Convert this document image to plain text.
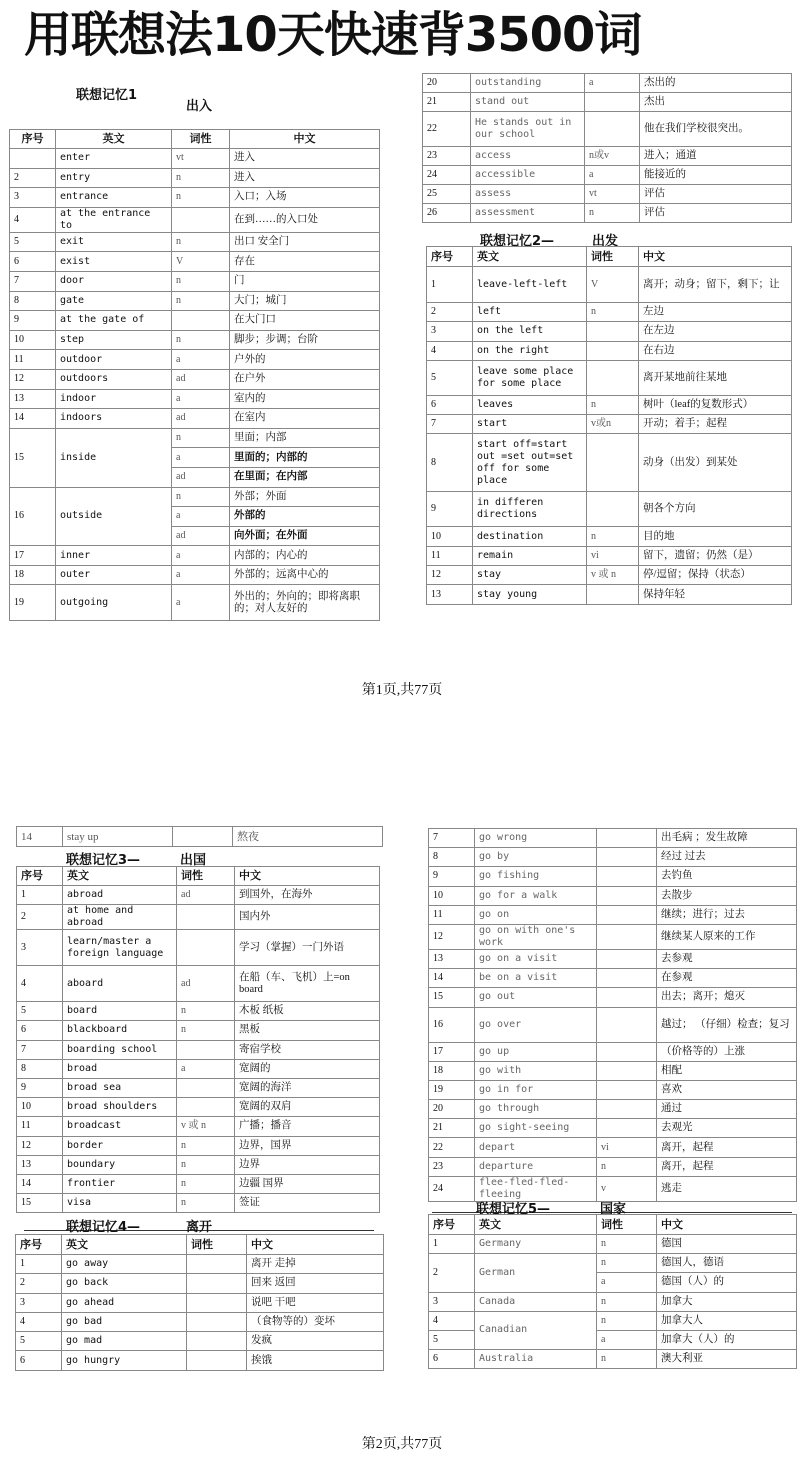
用联想法10天快速背3500词
联想记忆1
出入
序号	英文	词性	中文
	enter	vt	进入
2	entry	n	进入
3	entrance	n	入口；入场
4	at the entrance to		在到……的入口处
5	exit	n	出口 安全门
6	exist	V	存在
7	door	n	门
8	gate	n	大门；城门
9	at the gate of		在大门口
10	step	n	脚步；步调；台阶
11	outdoor	a	户外的
12	outdoors	ad	在户外
13	indoor	a	室内的
14	indoors	ad	在室内
15	inside	n	里面；内部
		a	里面的；内部的
		ad	在里面；在内部
16	outside	n	外部；外面
		a	外部的
		ad	向外面；在外面
17	inner	a	内部的；内心的
18	outer	a	外部的；远离中心的
19	outgoing	a	外出的；外向的；即将离职的；对人友好的
20	outstanding	a	杰出的
21	stand out		杰出
22	He stands out in our school		他在我们学校很突出。
23	access	n或v	进入；通道
24	accessible	a	能接近的
25	assess	vt	评估
26	assessment	n	评估
联想记忆2—	出发
序号	英文	词性	中文
1	leave-left-left	V	离开；动身；留下，剩下；让
2	left	n	左边
3	on the left		在左边
4	on the right		在右边
5	leave some place for some place		离开某地前往某地
6	leaves	n	树叶（leaf的复数形式）
7	start	v或n	开动；着手；起程
8	start off=start out =set out=set off for some place		动身（出发）到某处
9	in differen directions		朝各个方向
10	destination	n	目的地
11	remain	vi	留下，遗留；仍然（是）
12	stay	v 或 n	停/逗留；保持（状态）
13	stay young		保持年轻
第1页,共77页
14	stay up		熬夜
联想记忆3—	出国
序号	英文	词性	中文
1	abroad	ad	到国外，在海外
2	at home and abroad		国内外
3	learn/master a foreign language		学习（掌握）一门外语
4	aboard	ad	在船（车、飞机）上=on board
5	board	n	木板 纸板
6	blackboard	n	黑板
7	boarding school		寄宿学校
8	broad	a	宽阔的
9	broad sea		宽阔的海洋
10	broad shoulders		宽阔的双肩
11	broadcast	v 或 n	广播；播音
12	border	n	边界，国界
13	boundary	n	边界
14	frontier	n	边疆 国界
15	visa	n	签证
联想记忆4—	离开
序号	英文	词性	中文
1	go away		离开 走掉
2	go back		回来 返回
3	go ahead		说吧 干吧
4	go bad		（食物等的）变坏
5	go mad		发疯
6	go hungry		挨饿
7	go wrong		出毛病 ；发生故障
8	go by		经过 过去
9	go fishing		去钓鱼
10	go for a walk		去散步
11	go on		继续；进行；过去
12	go on with one's work		继续某人原来的工作
13	go on a visit		去参观
14	be on a visit		在参观
15	go out		出去；离开；熄灭
16	go over		越过； （仔细）检查；复习
17	go up		（价格等的）上涨
18	go with		相配
19	go in for		喜欢
20	go through		通过
21	go sight-seeing		去观光
22	depart	vi	离开，起程
23	departure	n	离开，起程
24	flee-fled-fled-fleeing	v	逃走
联想记忆5—	国家
序号	英文	词性	中文
1	Germany	n	德国
2	German	n	德国人，德语
		a	德国（人）的
3	Canada	n	加拿大
4	Canadian	n	加拿大人
5		a	加拿大（人）的
6	Australia	n	澳大利亚
第2页,共77页
